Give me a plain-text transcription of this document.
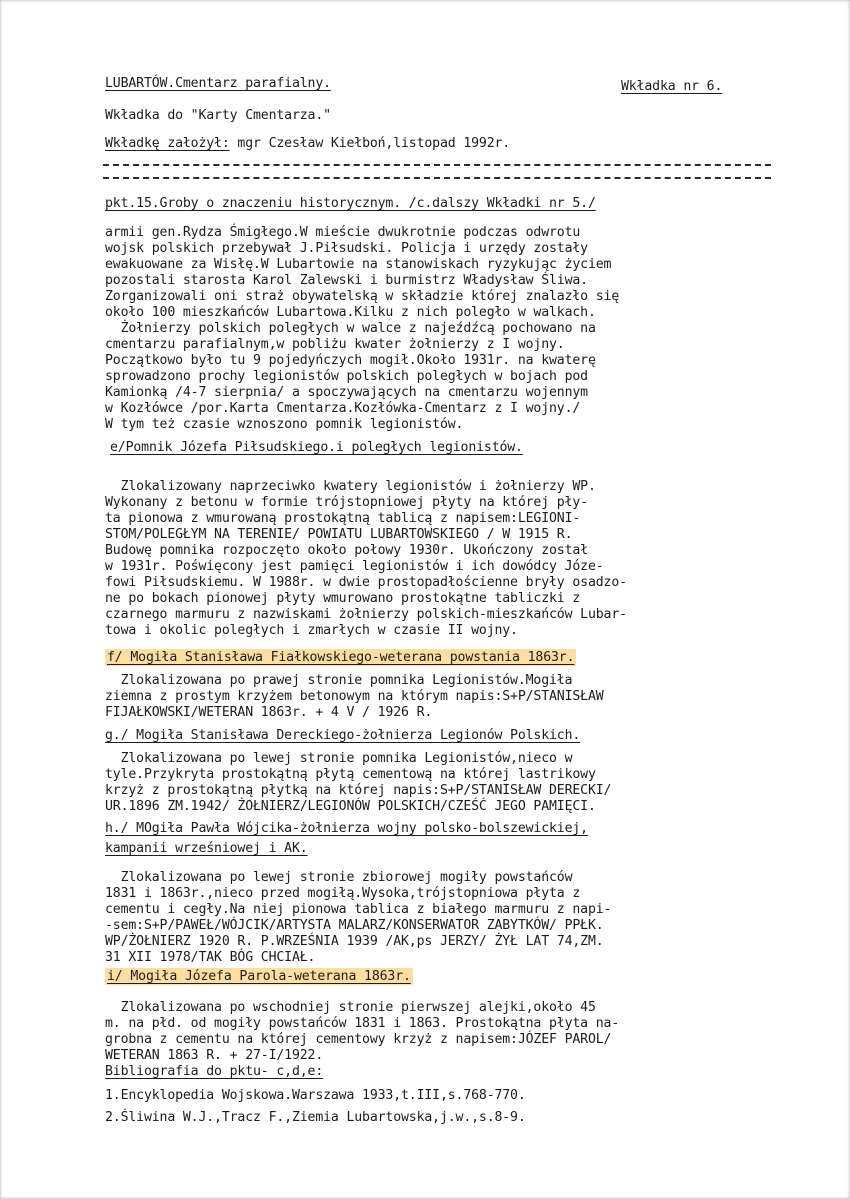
LUBARTÓW.Cmentarz parafialny.	Wkładka nr 6.
Wkładka do "Karty Cmentarza."
Wkładkę założył: mgr Czesław Kiełboń,listopad 1992r.
pkt.15.Groby o znaczeniu historycznym. /c.dalszy Wkładki nr 5./
armii gen.Rydza Śmigłego.W mieście dwukrotnie podczas odwrotu
wojsk polskich przebywał J.Piłsudski. Policja i urzędy zostały
ewakuowane za Wisłę.W Lubartowie na stanowiskach ryzykując życiem
pozostali starosta Karol Zalewski i burmistrz Władysław Śliwa.
Zorganizowali oni straż obywatelską w składzie której znalazło się
około 100 mieszkańców Lubartowa.Kilku z nich poległo w walkach.
Żołnierzy polskich poległych w walce z najeźdźcą pochowano na
cmentarzu parafialnym,w pobliżu kwater żołnierzy z I wojny.
Początkowo było tu 9 pojedyńczych mogił.Około 1931r. na kwaterę
sprowadzono prochy legionistów polskich poległych w bojach pod
Kamionką /4-7 sierpnia/ a spoczywających na cmentarzu wojennym
w Kozłówce /por.Karta Cmentarza.Kozłówka-Cmentarz z I wojny./
W tym też czasie wznoszono pomnik legionistów.
e/Pomnik Józefa Piłsudskiego.i poległych legionistów.
Zlokalizowany naprzeciwko kwatery legionistów i żołnierzy WP.
Wykonany z betonu w formie trójstopniowej płyty na której pły-
ta pionowa z wmurowaną prostokątną tablicą z napisem:LEGIONI-
STOM/POLEGŁYM NA TERENIE/ POWIATU LUBARTOWSKIEGO / W 1915 R.
Budowę pomnika rozpoczęto około połowy 1930r. Ukończony został
w 1931r. Poświęcony jest pamięci legionistów i ich dowódcy Józe-
fowi Piłsudskiemu. W 1988r. w dwie prostopadłościenne bryły osadzo-
ne po bokach pionowej płyty wmurowano prostokątne tabliczki z
czarnego marmuru z nazwiskami żołnierzy polskich-mieszkańców Lubar-
towa i okolic poległych i zmarłych w czasie II wojny.
f/ Mogiła Stanisława Fiałkowskiego-weterana powstania 1863r.
Zlokalizowana po prawej stronie pomnika Legionistów.Mogiła
ziemna z prostym krzyżem betonowym na którym napis:S+P/STANISŁAW
FIJAŁKOWSKI/WETERAN 1863r. + 4 V / 1926 R.
g./ Mogiła Stanisława Dereckiego-żołnierza Legionów Polskich.
Zlokalizowana po lewej stronie pomnika Legionistów,nieco w
tyle.Przykryta prostokątną płytą cementową na której lastrikowy
krzyż z prostokątną płytką na której napis:S+P/STANISŁAW DERECKI/
UR.1896 ZM.1942/ ŻOŁNIERZ/LEGIONÓW POLSKICH/CZEŚĆ JEGO PAMIĘCI.
h./ MOgiła Pawła Wójcika-żołnierza wojny polsko-bolszewickiej,
kampanii wrześniowej i AK.
Zlokalizowana po lewej stronie zbiorowej mogiły powstańców
1831 i 1863r.,nieco przed mogiłą.Wysoka,trójstopniowa płyta z
cementu i cegły.Na niej pionowa tablica z białego marmuru z napi-
-sem:S+P/PAWEŁ/WÓJCIK/ARTYSTA MALARZ/KONSERWATOR ZABYTKÓW/ PPŁK.
WP/ŻOŁNIERZ 1920 R. P.WRZEŚNIA 1939 /AK,ps JERZY/ ŻYŁ LAT 74,ZM.
31 XII 1978/TAK BÓG CHCIAŁ.
i/ Mogiła Józefa Parola-weterana 1863r.
Zlokalizowana po wschodniej stronie pierwszej alejki,około 45
m. na płd. od mogiły powstańców 1831 i 1863. Prostokątna płyta na-
grobna z cementu na której cementowy krzyż z napisem:JÓZEF PAROL/
WETERAN 1863 R. + 27-I/1922.
Bibliografia do pktu- c,d,e:
1.Encyklopedia Wojskowa.Warszawa 1933,t.III,s.768-770.
2.Śliwina W.J.,Tracz F.,Ziemia Lubartowska,j.w.,s.8-9.
